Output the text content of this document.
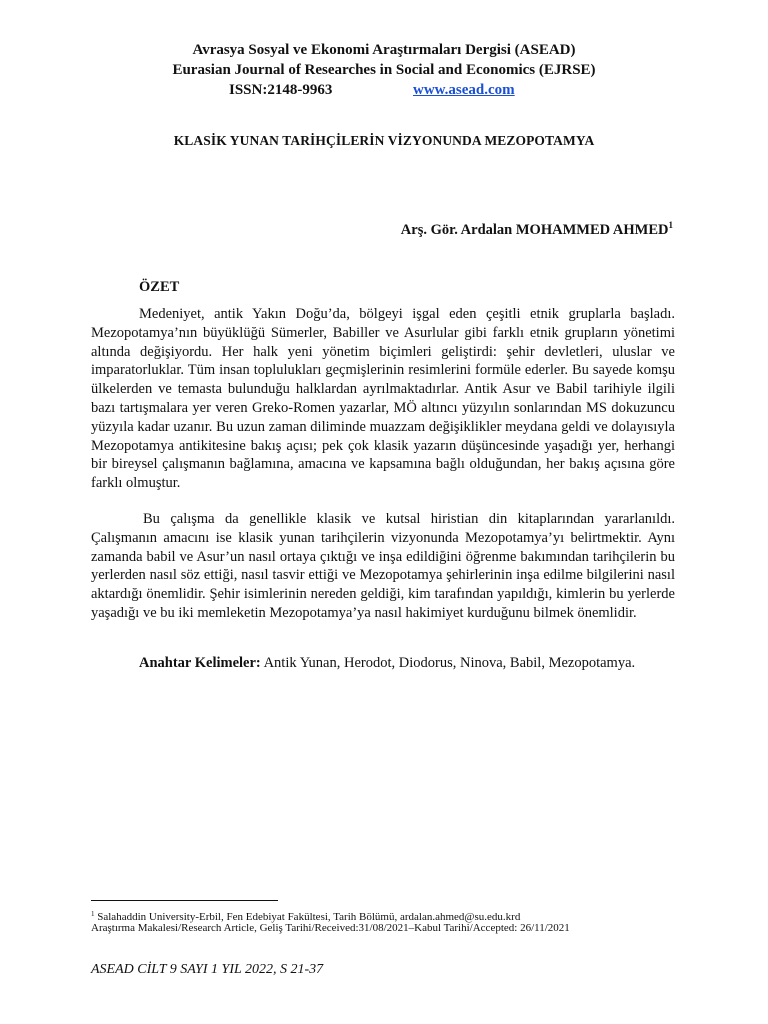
Avrasya Sosyal ve Ekonomi Araştırmaları Dergisi (ASEAD)
Eurasian Journal of Researches in Social and Economics (EJRSE)
ISSN:2148-9963	www.asead.com
KLASİK YUNAN TARİHÇİLERİN VİZYONUNDA MEZOPOTAMYA
Arş. Gör. Ardalan MOHAMMED AHMED$^1$
ÖZET

Medeniyet, antik Yakın Doğu’da, bölgeyi işgal eden çeşitli etnik gruplarla başladı. Mezopotamya’nın büyüklüğü Sümerler, Babiller ve Asurlular gibi farklı etnik grupların yönetimi altında değişiyordu. Her halk yeni yönetim biçimleri geliştirdi: şehir devletleri, uluslar ve imparatorluklar. Tüm insan toplulukları geçmişlerinin resimlerini formüle ederler. Bu sayede komşu ülkelerden ve temasta bulunduğu halklardan ayrılmaktadırlar. Antik Asur ve Babil tarihiyle ilgili bazı tartışmalara yer veren Greko-Romen yazarlar, MÖ altıncı yüzyılın sonlarından MS dokuzuncu yüzyıla kadar uzanır. Bu uzun zaman diliminde muazzam değişiklikler meydana geldi ve dolayısıyla Mezopotamya antikitesine bakış açısı; pek çok klasik yazarın düşüncesinde yaşadığı yer, herhangi bir bireysel çalışmanın bağlamına, amacına ve kapsamına bağlı olduğundan, her bakış açısına göre farklı olmuştur.

Bu çalışma da genellikle klasik ve kutsal hiristian din kitaplarından yararlanıldı. Çalışmanın amacını ise klasik yunan tarihçilerin vizyonunda Mezopotamya’yı belirtmektir. Aynı zamanda babil ve Asur’un nasıl ortaya çıktığı ve inşa edildiğini öğrenme bakımından tarihçilerin bu yerlerden nasıl söz ettiği, nasıl tasvir ettiği ve Mezopotamya şehirlerinin inşa edilme bilgilerini nasıl aktardığı önemlidir. Şehir isimlerinin nereden geldiği, kim tarafından yapıldığı, kimlerin bu yerlerde yaşadığı ve bu iki memleketin Mezopotamya’ya nasıl hakimiyet kurduğunu bilmek önemlidir.

Anahtar Kelimeler: Antik Yunan, Herodot, Diodorus, Ninova, Babil, Mezopotamya.
$^1$ Salahaddin University-Erbil, Fen Edebiyat Fakültesi, Tarih Bölümü, ardalan.ahmed@su.edu.krd
Araştırma Makalesi/Research Article, Geliş Tarihi/Received:31/08/2021–Kabul Tarihi/Accepted: 26/11/2021
ASEAD CİLT 9 SAYI 1 YIL 2022, S 21-37
